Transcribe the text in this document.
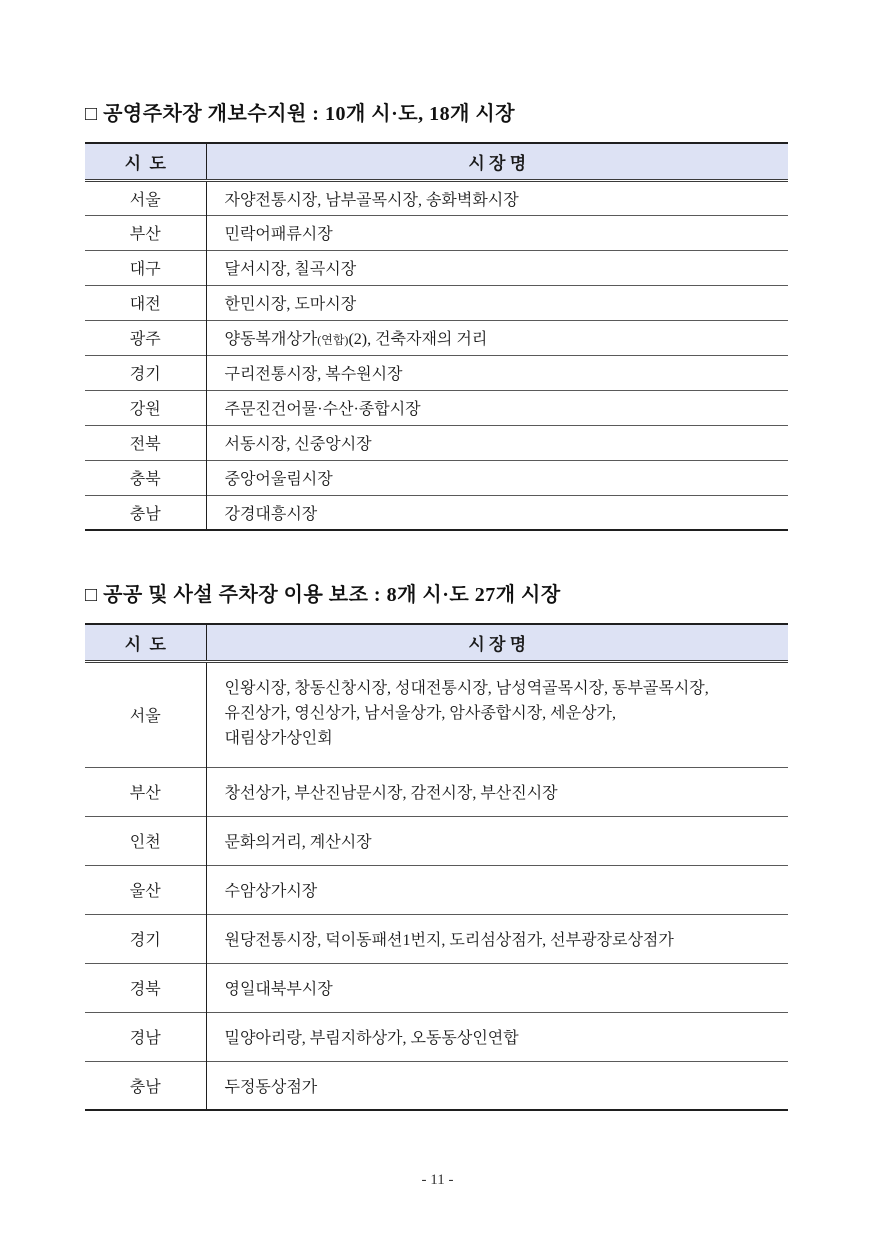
□ 공영주차장 개보수지원 : 10개 시·도, 18개 시장
시  도	시 장 명
서울	자양전통시장, 남부골목시장, 송화벽화시장
부산	민락어패류시장
대구	달서시장, 칠곡시장
대전	한민시장, 도마시장
광주	양동복개상가(연합)(2), 건축자재의 거리
경기	구리전통시장, 복수원시장
강원	주문진건어물·수산·종합시장
전북	서동시장, 신중앙시장
충북	중앙어울림시장
충남	강경대흥시장
□ 공공 및 사설 주차장 이용 보조 : 8개 시·도 27개 시장
시  도	시 장 명
서울	인왕시장, 창동신창시장, 성대전통시장, 남성역골목시장, 동부골목시장,
유진상가, 영신상가, 남서울상가, 암사종합시장, 세운상가,
대림상가상인회

부산	창선상가, 부산진남문시장, 감전시장, 부산진시장
인천	문화의거리, 계산시장
울산	수암상가시장
경기	원당전통시장, 덕이동패션1번지, 도리섬상점가, 선부광장로상점가
경북	영일대북부시장
경남	밀양아리랑, 부림지하상가, 오동동상인연합
충남	두정동상점가
- 11 -
